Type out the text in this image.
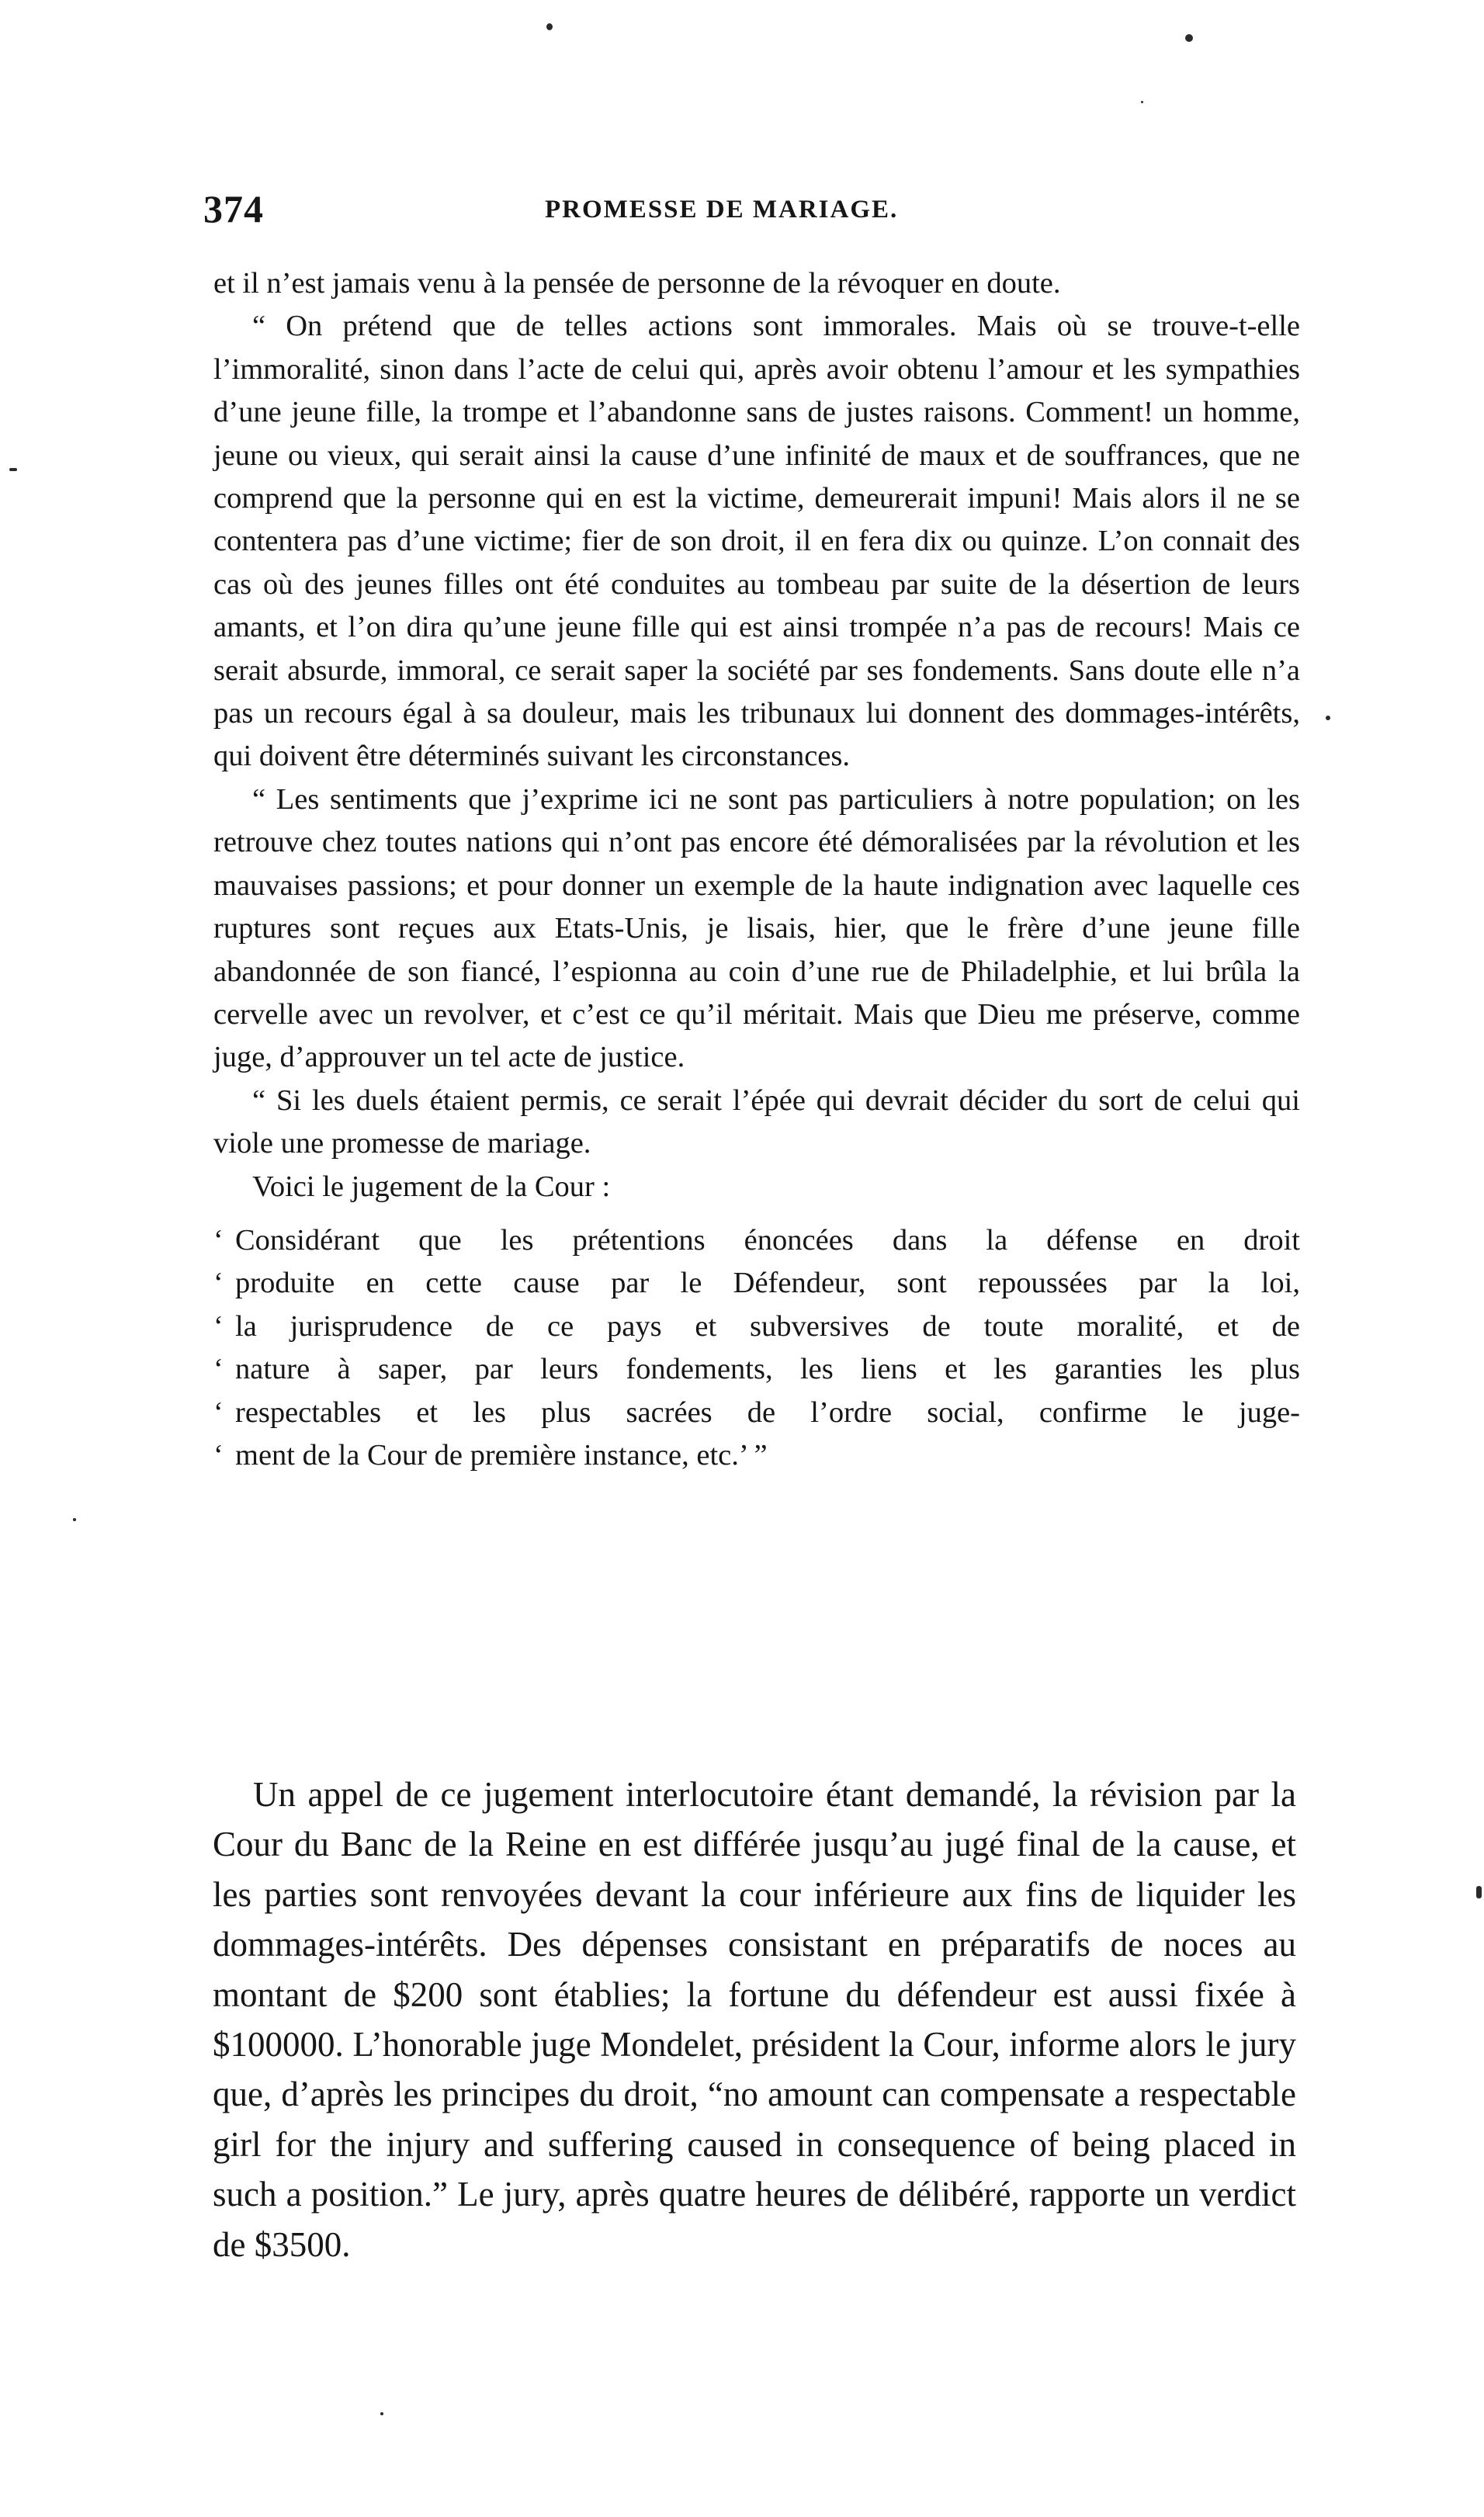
374	PROMESSE DE MARIAGE.

et il n’est jamais venu à la pensée de personne de la révoquer en doute.

“ On prétend que de telles actions sont immorales. Mais où se trouve-t-elle l’immoralité, sinon dans l’acte de celui qui, après avoir obtenu l’amour et les sympathies d’une jeune fille, la trompe et l’abandonne sans de justes raisons. Comment! un homme, jeune ou vieux, qui serait ainsi la cause d’une infinité de maux et de souffrances, que ne comprend que la personne qui en est la victime, demeurerait impuni! Mais alors il ne se contentera pas d’une victime; fier de son droit, il en fera dix ou quinze. L’on connait des cas où des jeunes filles ont été conduites au tombeau par suite de la désertion de leurs amants, et l’on dira qu’une jeune fille qui est ainsi trompée n’a pas de recours! Mais ce serait absurde, immoral, ce serait saper la société par ses fondements. Sans doute elle n’a pas un recours égal à sa douleur, mais les tribunaux lui donnent des dommages-intérêts, qui doivent être déterminés suivant les circonstances.

“ Les sentiments que j’exprime ici ne sont pas particuliers à notre population; on les retrouve chez toutes nations qui n’ont pas encore été démoralisées par la révolution et les mauvaises passions; et pour donner un exemple de la haute indignation avec laquelle ces ruptures sont reçues aux Etats-Unis, je lisais, hier, que le frère d’une jeune fille abandonnée de son fiancé, l’espionna au coin d’une rue de Philadelphie, et lui brûla la cervelle avec un revolver, et c’est ce qu’il méritait. Mais que Dieu me préserve, comme juge, d’approuver un tel acte de justice.

“ Si les duels étaient permis, ce serait l’épée qui devrait décider du sort de celui qui viole une promesse de mariage.

Voici le jugement de la Cour :

‘ Considérant que les prétentions énoncées dans la défense en droit
‘ produite en cette cause par le Défendeur, sont repoussées par la loi,
‘ la jurisprudence de ce pays et subversives de toute moralité, et de
‘ nature à saper, par leurs fondements, les liens et les garanties les plus
‘ respectables et les plus sacrées de l’ordre social, confirme le juge-
‘ ment de la Cour de première instance, etc.’ ”

Un appel de ce jugement interlocutoire étant demandé, la révision par la Cour du Banc de la Reine en est différée jusqu’au jugé final de la cause, et les parties sont renvoyées devant la cour inférieure aux fins de liquider les dommages-intérêts. Des dépenses consistant en préparatifs de noces au montant de $200 sont établies; la fortune du défendeur est aussi fixée à $100000. L’honorable juge Mondelet, président la Cour, informe alors le jury que, d’après les principes du droit, “no amount can compensate a respectable girl for the injury and suffering caused in consequence of being placed in such a position.” Le jury, après quatre heures de délibéré, rapporte un verdict de $3500.
